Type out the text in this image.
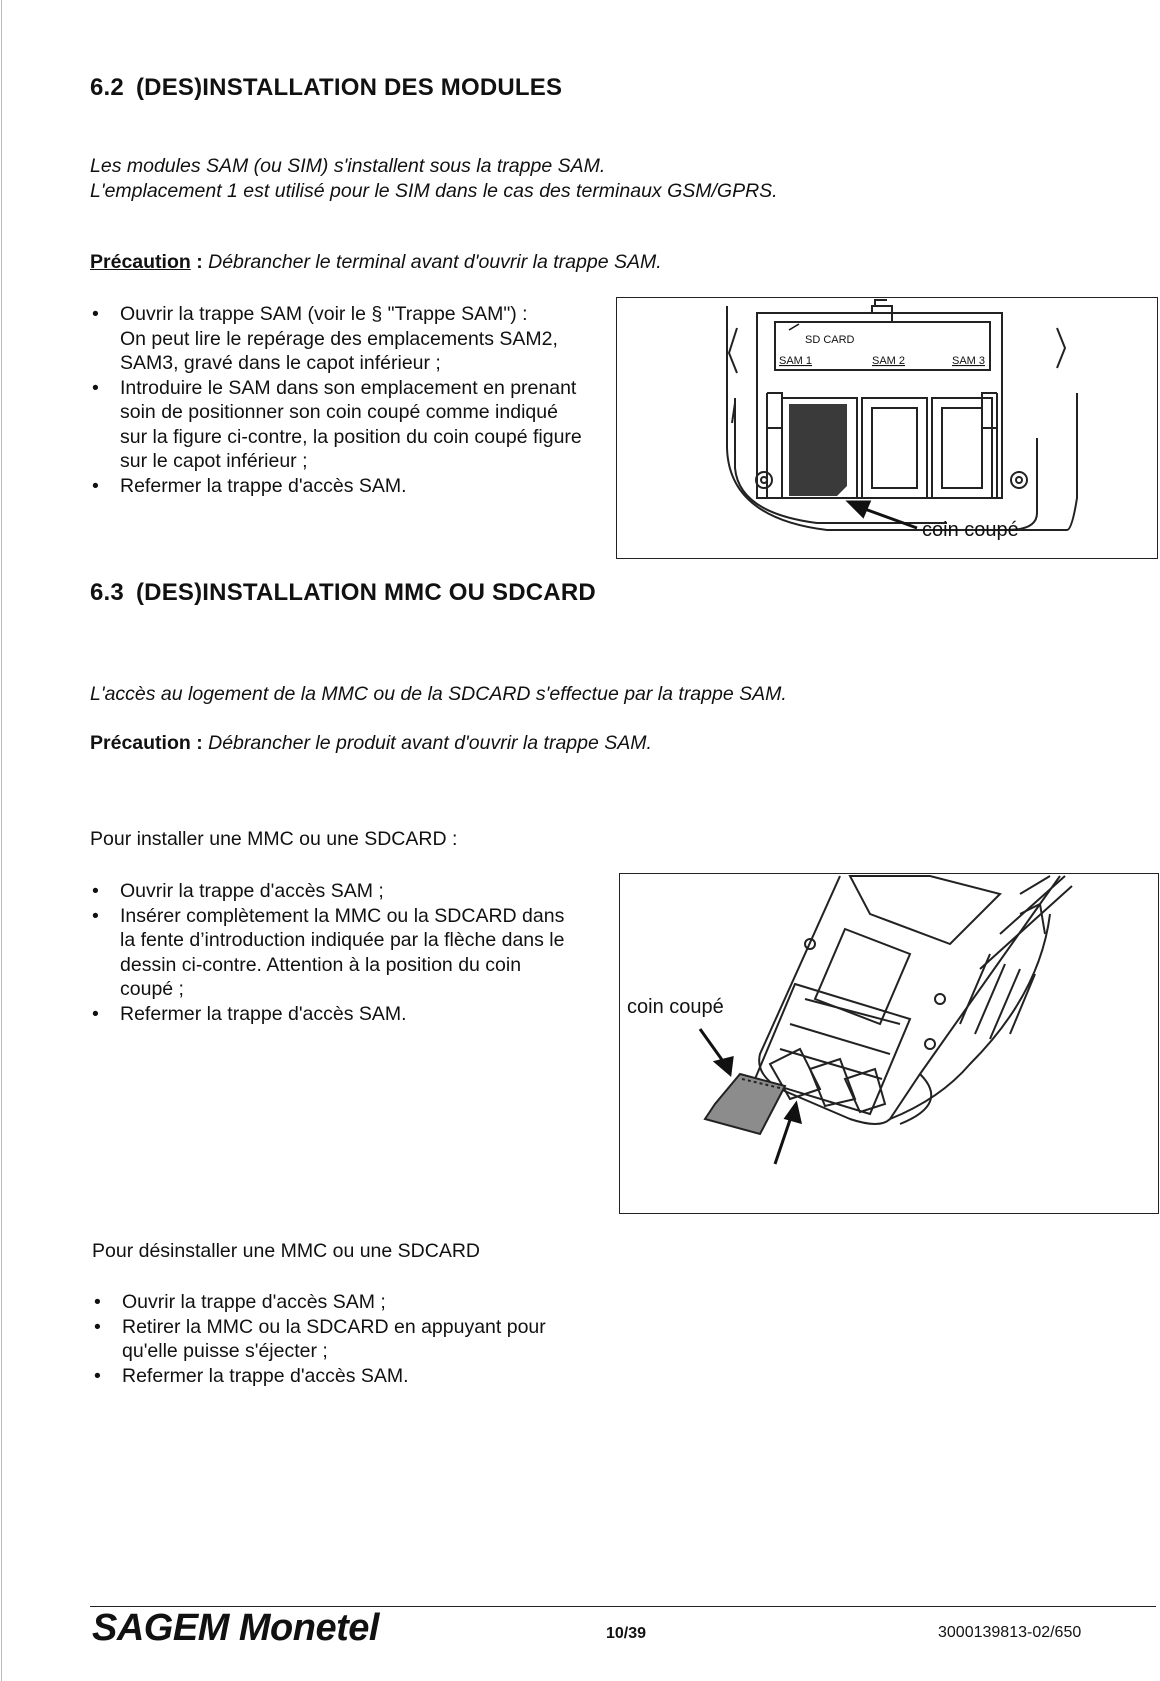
6.2 (DES)INSTALLATION DES MODULES
Les modules SAM (ou SIM) s'installent sous la trappe SAM.
L'emplacement 1 est utilisé pour le SIM dans le cas des terminaux GSM/GPRS.
Précaution : Débrancher le terminal avant d'ouvrir la trappe SAM.
• Ouvrir la trappe SAM (voir le § "Trappe SAM") :
On peut lire le repérage des emplacements SAM2,
SAM3, gravé dans le capot inférieur ;
• Introduire le SAM dans son emplacement en prenant
soin de positionner son coin coupé comme indiqué
sur la figure ci-contre, la position du coin coupé figure
sur le capot inférieur ;
• Refermer la trappe d'accès SAM.
SD CARD
SAM 1	SAM 2	SAM 3
coin coupé
6.3 (DES)INSTALLATION MMC OU SDCARD
L'accès au logement de la MMC ou de la SDCARD s'effectue par la trappe SAM.
Précaution : Débrancher le produit avant d'ouvrir la trappe SAM.
Pour installer une MMC ou une SDCARD :
• Ouvrir la trappe d'accès SAM ;
• Insérer complètement la MMC ou la SDCARD dans
la fente d’introduction indiquée par la flèche dans le
dessin ci-contre. Attention à la position du coin
coupé ;
• Refermer la trappe d'accès SAM.	coin coupé
Pour désinstaller une MMC ou une SDCARD
• Ouvrir la trappe d'accès SAM ;
• Retirer la MMC ou la SDCARD en appuyant pour
qu'elle puisse s'éjecter ;
• Refermer la trappe d'accès SAM.
SAGEM Monetel	10/39	3000139813-02/650
